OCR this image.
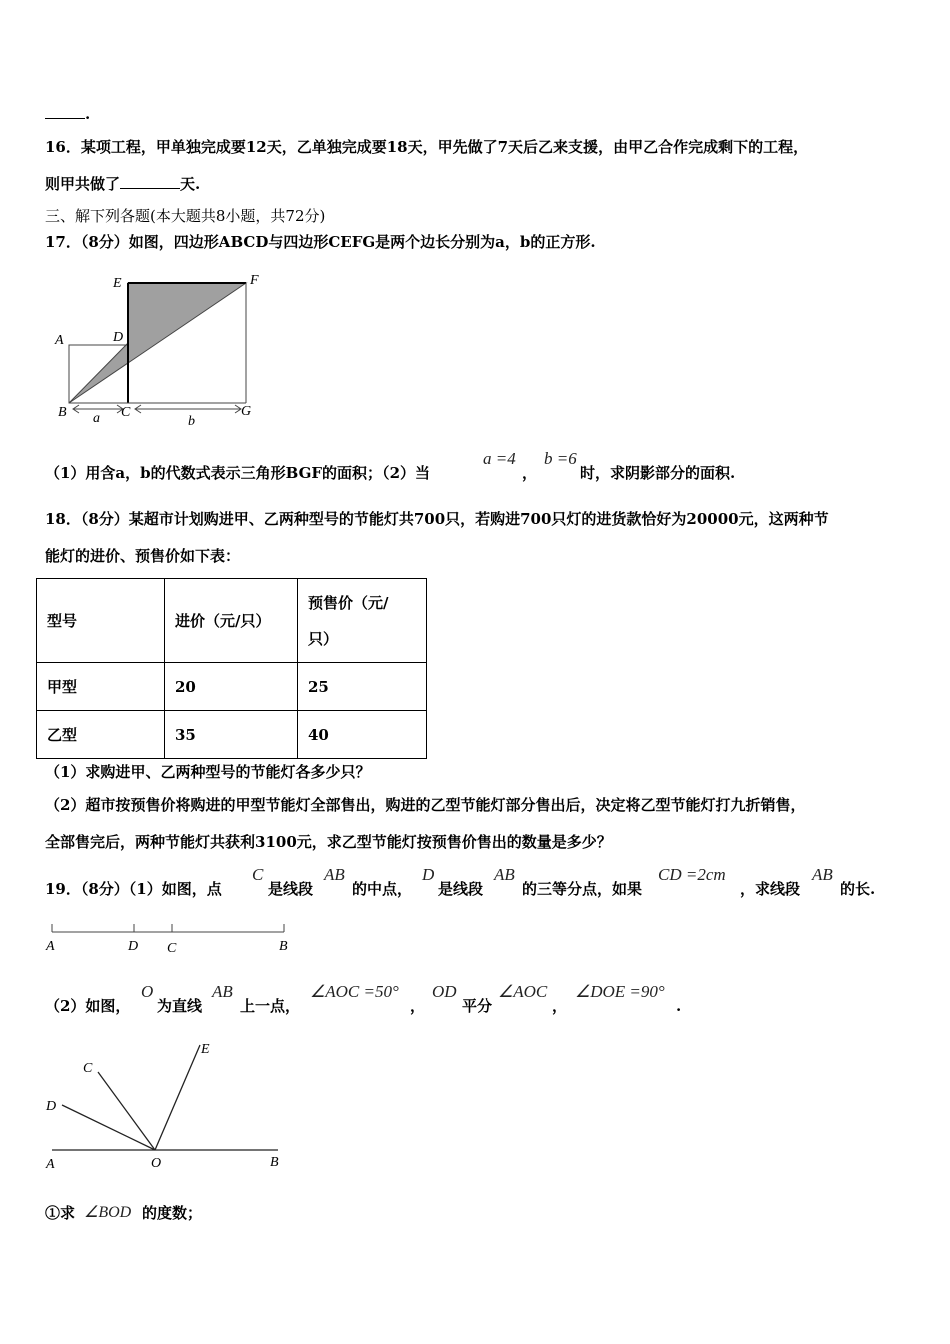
.
16．某项工程，甲单独完成要12天，乙单独完成要18天，甲先做了7天后乙来支援，由甲乙合作完成剩下的工程，
则甲共做了	天.
三、解下列各题(本大题共8小题，共72分)
17．（8分）如图，四边形ABCD与四边形CEFG是两个边长分别为a，b的正方形.
E	F
A	D
B	C	G
a	b
A	D C	B
A	O	B
C
D
E
（1）用含a，b的代数式表示三角形BGF的面积；（2）当
a =4
，
b =6
时，求阴影部分的面积.
18．（8分）某超市计划购进甲、乙两种型号的节能灯共700只，若购进700只灯的进货款恰好为20000元，这两种节
能灯的进价、预售价如下表：
型号	进价（元/只）	预售价（元/
只）
甲型	20	25
乙型	35	40
（1）求购进甲、乙两种型号的节能灯各多少只？
（2）超市按预售价将购进的甲型节能灯全部售出，购进的乙型节能灯部分售出后，决定将乙型节能灯打九折销售，
全部售完后，两种节能灯共获利3100元，求乙型节能灯按预售价售出的数量是多少？
19．（8分）（1）如图，点
C
是线段
AB
的中点，
D
是线段
AB
的三等分点，如果
CD =2cm
，求线段
AB
的长.
（2）如图，
O
为直线
AB
上一点，
∠AOC =50°
，
OD
平分
∠AOC
，
∠DOE =90°
.
①求 ∠BOD 的度数；
